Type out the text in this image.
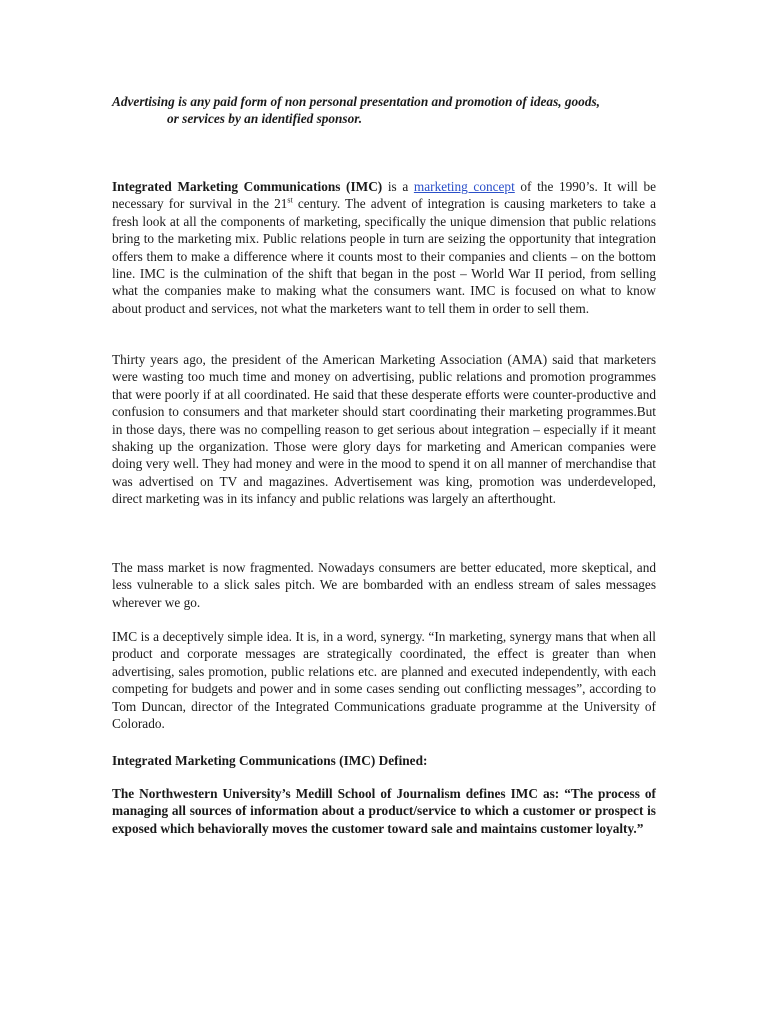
Advertising is any paid form of non personal presentation and promotion of ideas, goods,
or services by an identified sponsor.

Integrated Marketing Communications (IMC) is a marketing concept of the 1990’s. It will be necessary for survival in the 21st century. The advent of integration is causing marketers to take a fresh look at all the components of marketing, specifically the unique dimension that public relations bring to the marketing mix. Public relations people in turn are seizing the opportunity that integration offers them to make a difference where it counts most to their companies and clients – on the bottom line. IMC is the culmination of the shift that began in the post – World War II period, from selling what the companies make to making what the consumers want. IMC is focused on what to know about product and services, not what the marketers want to tell them in order to sell them.

Thirty years ago, the president of the American Marketing Association (AMA) said that marketers were wasting too much time and money on advertising, public relations and promotion programmes that were poorly if at all coordinated. He said that these desperate efforts were counter-productive and confusion to consumers and that marketer should start coordinating their marketing programmes.But in those days, there was no compelling reason to get serious about integration – especially if it meant shaking up the organization. Those were glory days for marketing and American companies were doing very well. They had money and were in the mood to spend it on all manner of merchandise that was advertised on TV and magazines. Advertisement was king, promotion was underdeveloped, direct marketing was in its infancy and public relations was largely an afterthought.

The mass market is now fragmented. Nowadays consumers are better educated, more skeptical, and less vulnerable to a slick sales pitch. We are bombarded with an endless stream of sales messages wherever we go.

IMC is a deceptively simple idea. It is, in a word, synergy. “In marketing, synergy mans that when all product and corporate messages are strategically coordinated, the effect is greater than when advertising, sales promotion, public relations etc. are planned and executed independently, with each competing for budgets and power and in some cases sending out conflicting messages”, according to Tom Duncan, director of the Integrated Communications graduate programme at the University of Colorado.

Integrated Marketing Communications (IMC) Defined:

The Northwestern University’s Medill School of Journalism defines IMC as: “The process of managing all sources of information about a product/service to which a customer or prospect is exposed which behaviorally moves the customer toward sale and maintains customer loyalty.”
